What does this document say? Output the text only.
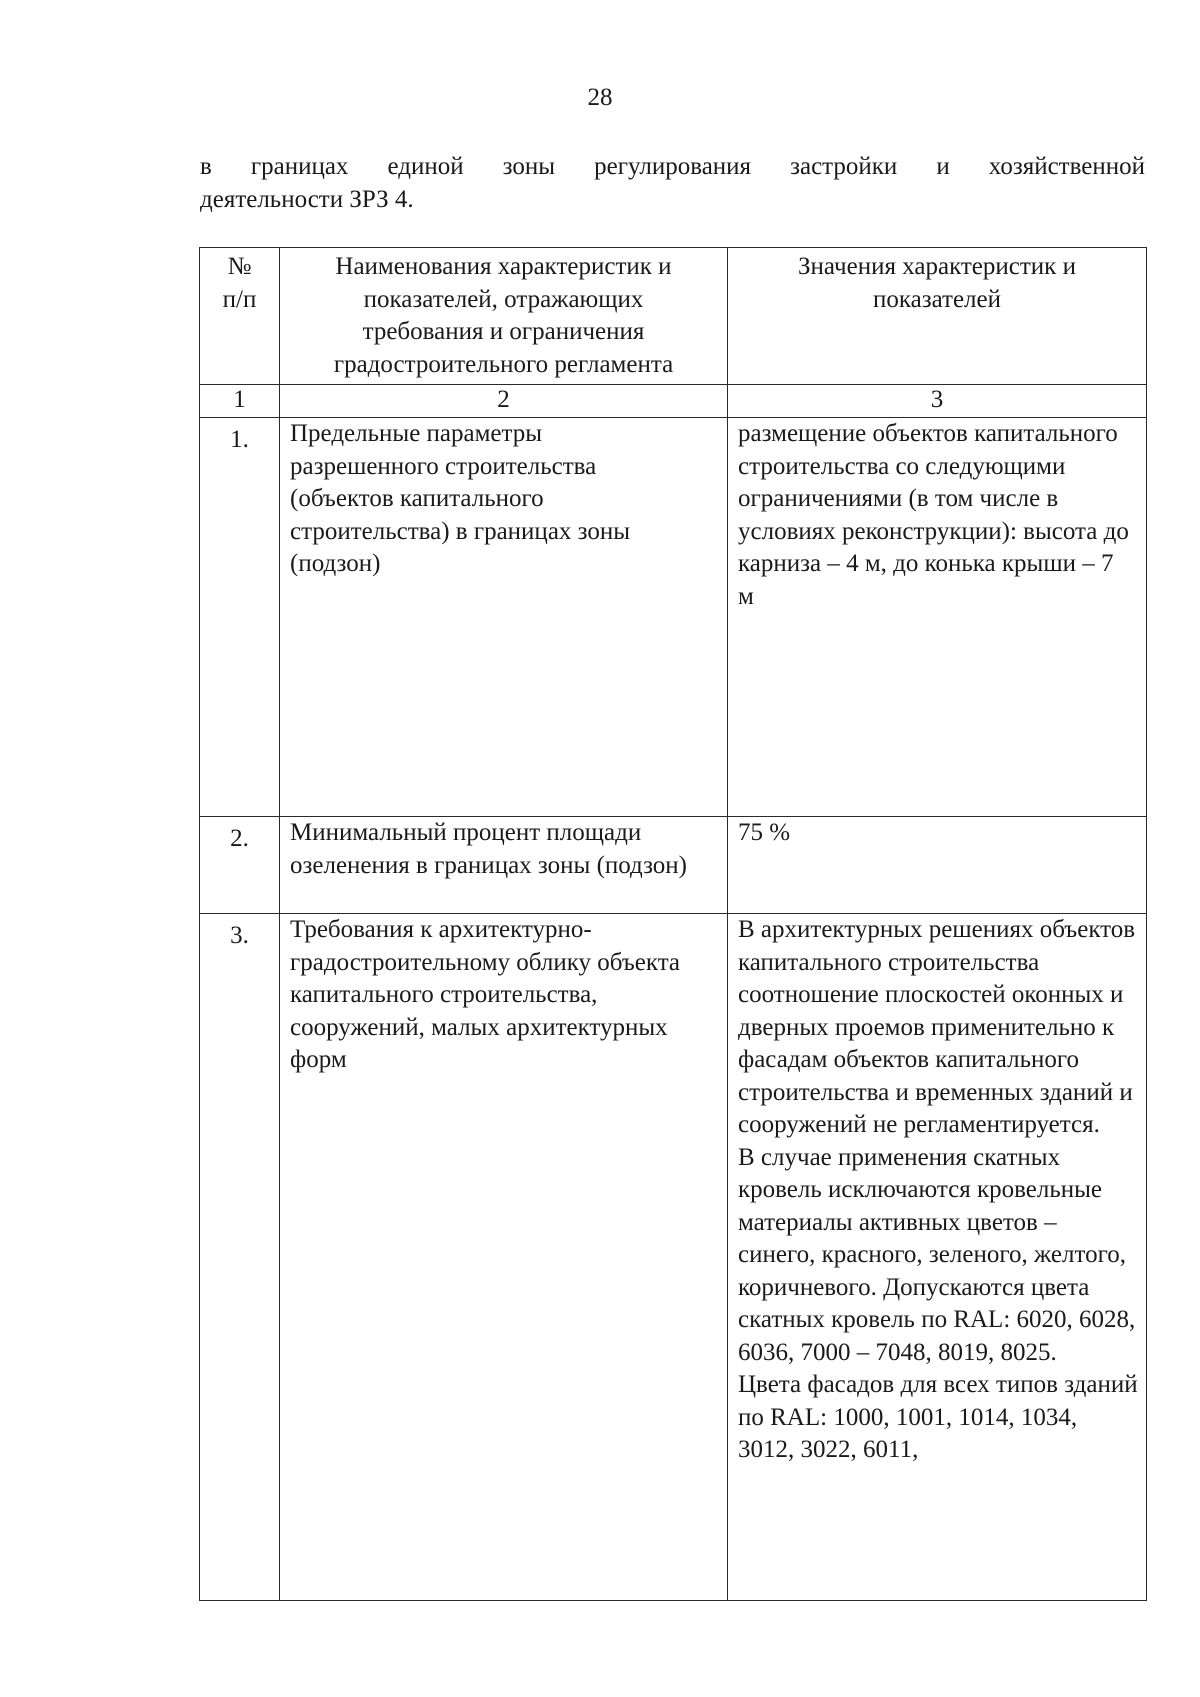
28
в границах единой зоны регулирования застройки и хозяйственной
деятельности ЗРЗ 4.
№ п/п	Наименования характеристик и показателей, отражающих требования и ограничения градостроительного регламента	Значения характеристик и показателей
1	2	3
1.	Предельные параметры разрешенного строительства (объектов капитального строительства) в границах зоны (подзон)	размещение объектов капитального строительства со следующими ограничениями (в том числе в условиях реконструкции): высота до карниза – 4 м, до конька крыши – 7 м
2.	Минимальный процент площади озеленения в границах зоны (подзон)	75 %
3.	Требования к архитектурно-градостроительному облику объекта капитального строительства, сооружений, малых архитектурных форм	В архитектурных решениях объектов капитального строительства соотношение плоскостей оконных и дверных проемов применительно к фасадам объектов капитального строительства и временных зданий и сооружений не регламентируется.
В случае применения скатных кровель исключаются кровельные материалы активных цветов – синего, красного, зеленого, желтого, коричневого. Допускаются цвета скатных кровель по RAL: 6020, 6028, 6036, 7000 – 7048, 8019, 8025.
Цвета фасадов для всех типов зданий по RAL: 1000, 1001, 1014, 1034, 3012, 3022, 6011,
